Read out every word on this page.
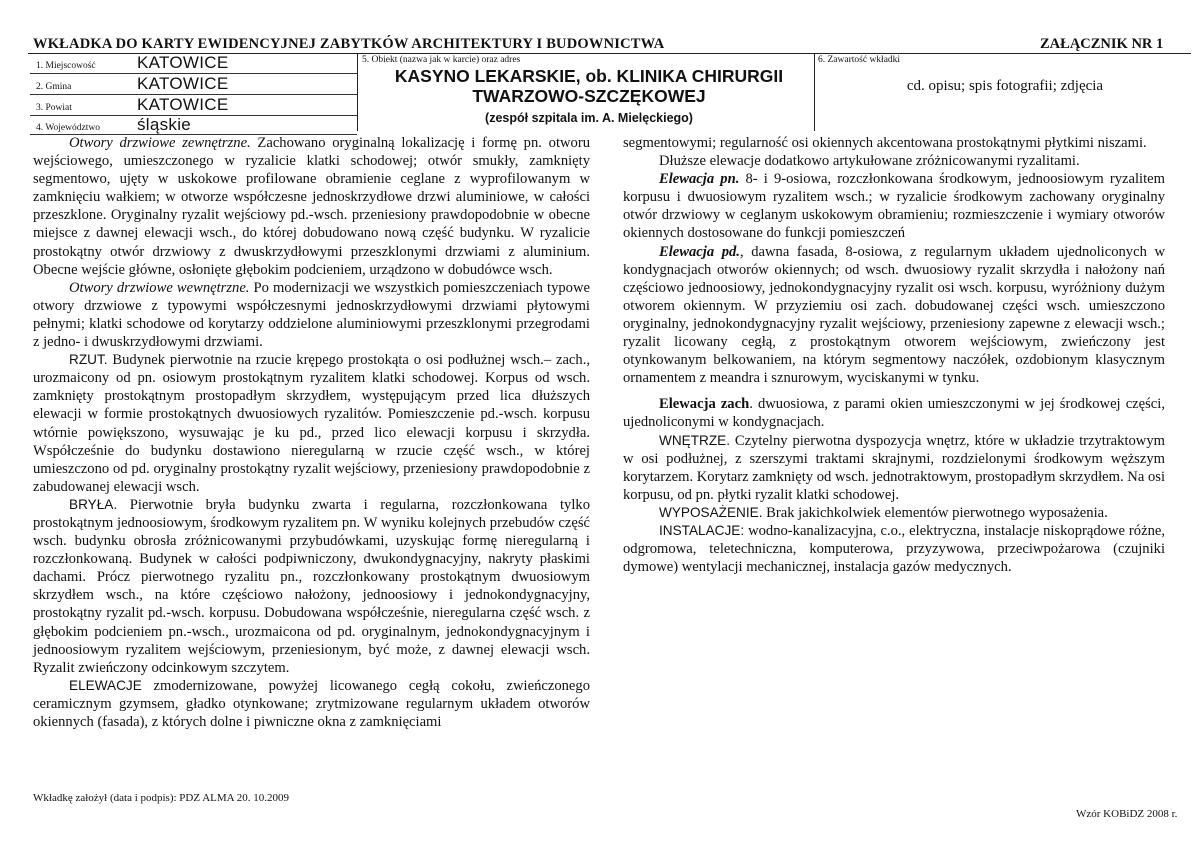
WKŁADKA DO KARTY EWIDENCYJNEJ ZABYTKÓW ARCHITEKTURY I BUDOWNICTWA	ZAŁĄCZNIK NR 1
1. Miejscowość KATOWICE
2. Gmina	KATOWICE
3. Powiat	KATOWICE
4. Województwo śląskie
5. Obiekt (nazwa jak w karcie) oraz adres
KASYNO LEKARSKIE, ob. KLINIKA CHIRURGII TWARZOWO-SZCZĘKOWEJ
(zespół szpitala im. A. Mielęckiego)
6. Zawartość wkładki
cd. opisu; spis fotografii; zdjęcia

Otwory drzwiowe zewnętrzne. Zachowano oryginalną lokalizację i formę pn. otworu wejściowego, umieszczonego w ryzalicie klatki schodowej; otwór smukły, zamknięty segmentowo, ujęty w uskokowe profilowane obramienie ceglane z wyprofilowanym w zamknięciu wałkiem; w otworze współczesne jednoskrzydłowe drzwi aluminiowe, w całości przeszklone. Oryginalny ryzalit wejściowy pd.-wsch. przeniesiony prawdopodobnie w obecne miejsce z dawnej elewacji wsch., do której dobudowano nową część budynku. W ryzalicie prostokątny otwór drzwiowy z dwuskrzydłowymi przeszklonymi drzwiami z aluminium. Obecne wejście główne, osłonięte głębokim podcieniem, urządzono w dobudówce wsch.

Otwory drzwiowe wewnętrzne. Po modernizacji we wszystkich pomieszczeniach typowe otwory drzwiowe z typowymi współczesnymi jednoskrzydłowymi drzwiami płytowymi pełnymi; klatki schodowe od korytarzy oddzielone aluminiowymi przeszklonymi przegrodami z jedno- i dwuskrzydłowymi drzwiami.

RZUT. Budynek pierwotnie na rzucie krępego prostokąta o osi podłużnej wsch.– zach., urozmaicony od pn. osiowym prostokątnym ryzalitem klatki schodowej. Korpus od wsch. zamknięty prostokątnym prostopadłym skrzydłem, występującym przed lica dłuższych elewacji w formie prostokątnych dwuosiowych ryzalitów. Pomieszczenie pd.-wsch. korpusu wtórnie powiększono, wysuwając je ku pd., przed lico elewacji korpusu i skrzydła. Współcześnie do budynku dostawiono nieregularną w rzucie część wsch., w której umieszczono od pd. oryginalny prostokątny ryzalit wejściowy, przeniesiony prawdopodobnie z zabudowanej elewacji wsch.

BRYŁA. Pierwotnie bryła budynku zwarta i regularna, rozczłonkowana tylko prostokątnym jednoosiowym, środkowym ryzalitem pn. W wyniku kolejnych przebudów część wsch. budynku obrosła zróżnicowanymi przybudówkami, uzyskując formę nieregularną i rozczłonkowaną. Budynek w całości podpiwniczony, dwukondygnacyjny, nakryty płaskimi dachami. Prócz pierwotnego ryzalitu pn., rozczłonkowany prostokątnym dwuosiowym skrzydłem wsch., na które częściowo nałożony, jednoosiowy i jednokondygnacyjny, prostokątny ryzalit pd.-wsch. korpusu. Dobudowana współcześnie, nieregularna część wsch. z głębokim podcieniem pn.-wsch., urozmaicona od pd. oryginalnym, jednokondygnacyjnym i jednoosiowym ryzalitem wejściowym, przeniesionym, być może, z dawnej elewacji wsch. Ryzalit zwieńczony odcinkowym szczytem.

ELEWACJE zmodernizowane, powyżej licowanego cegłą cokołu, zwieńczonego ceramicznym gzymsem, gładko otynkowane; zrytmizowane regularnym układem otworów okiennych (fasada), z których dolne i piwniczne okna z zamknięciami

segmentowymi; regularność osi okiennych akcentowana prostokątnymi płytkimi niszami.

Dłuższe elewacje dodatkowo artykułowane zróżnicowanymi ryzalitami.

Elewacja pn. 8- i 9-osiowa, rozczłonkowana środkowym, jednoosiowym ryzalitem korpusu i dwuosiowym ryzalitem wsch.; w ryzalicie środkowym zachowany oryginalny otwór drzwiowy w ceglanym uskokowym obramieniu; rozmieszczenie i wymiary otworów okiennych dostosowane do funkcji pomieszczeń

Elewacja pd., dawna fasada, 8-osiowa, z regularnym układem ujednoliconych w kondygnacjach otworów okiennych; od wsch. dwuosiowy ryzalit skrzydła i nałożony nań częściowo jednoosiowy, jednokondygnacyjny ryzalit osi wsch. korpusu, wyróżniony dużym otworem okiennym. W przyziemiu osi zach. dobudowanej części wsch. umieszczono oryginalny, jednokondygnacyjny ryzalit wejściowy, przeniesiony zapewne z elewacji wsch.; ryzalit licowany cegłą, z prostokątnym otworem wejściowym, zwieńczony jest otynkowanym belkowaniem, na którym segmentowy naczółek, ozdobionym klasycznym ornamentem z meandra i sznurowym, wyciskanymi w tynku.

Elewacja zach. dwuosiowa, z parami okien umieszczonymi w jej środkowej części, ujednoliconymi w kondygnacjach.

WNĘTRZE. Czytelny pierwotna dyspozycja wnętrz, które w układzie trzytraktowym w osi podłużnej, z szerszymi traktami skrajnymi, rozdzielonymi środkowym węższym korytarzem. Korytarz zamknięty od wsch. jednotraktowym, prostopadłym skrzydłem. Na osi korpusu, od pn. płytki ryzalit klatki schodowej.

WYPOSAŻENIE. Brak jakichkolwiek elementów pierwotnego wyposażenia.

INSTALACJE: wodno-kanalizacyjna, c.o., elektryczna, instalacje niskoprądowe różne, odgromowa, teletechniczna, komputerowa, przyzywowa, przeciwpożarowa (czujniki dymowe) wentylacji mechanicznej, instalacja gazów medycznych.

Wkładkę założył (data i podpis): PDZ ALMA 20. 10.2009
Wzór KOBiDZ 2008 r.
